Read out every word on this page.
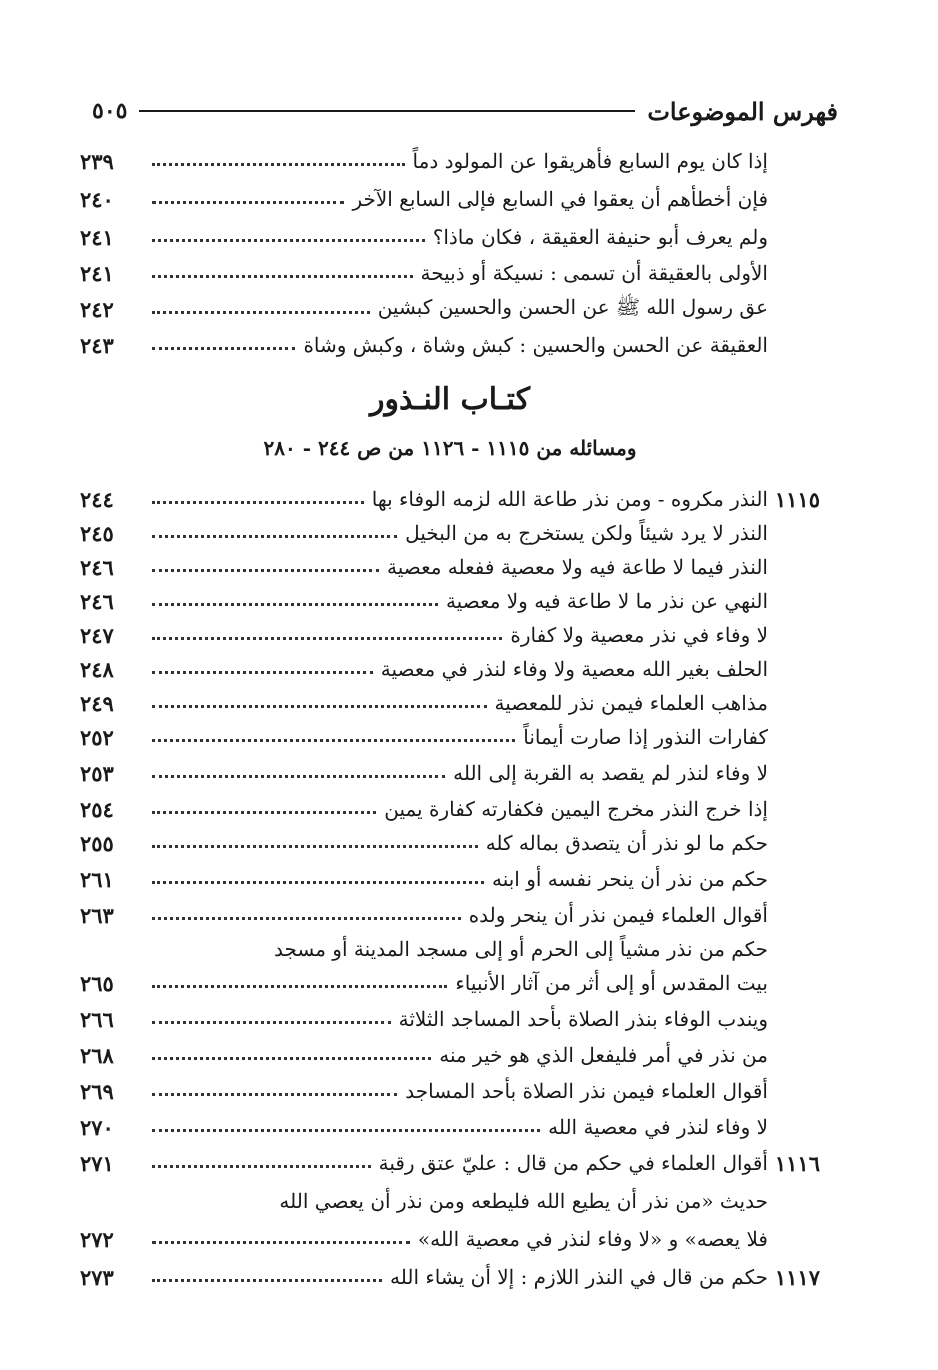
فهرس الموضوعات
٥٠٥
إذا كان يوم السابع فأهريقوا عن المولود دماً
٢٣٩
فإن أخطأهم أن يعقوا في السابع فإلى السابع الآخر
٢٤٠
ولم يعرف أبو حنيفة العقيقة ، فكان ماذا؟
٢٤١
الأولى بالعقيقة أن تسمى : نسيكة أو ذبيحة
٢٤١
عق رسول الله ﷺ عن الحسن والحسين كبشين
٢٤٢
العقيقة عن الحسن والحسين : كبش وشاة ، وكبش وشاة
٢٤٣
كتـاب النـذور
ومسائله من ١١١٥ - ١١٢٦ من ص ٢٤٤ - ٢٨٠
١١١٥
النذر مكروه - ومن نذر طاعة الله لزمه الوفاء بها
٢٤٤
النذر لا يرد شيئاً ولكن يستخرج به من البخيل
٢٤٥
النذر فيما لا طاعة فيه ولا معصية ففعله معصية
٢٤٦
النهي عن نذر ما لا طاعة فيه ولا معصية
٢٤٦
لا وفاء في نذر معصية ولا كفارة
٢٤٧
الحلف بغير الله معصية ولا وفاء لنذر في معصية
٢٤٨
مذاهب العلماء فيمن نذر للمعصية
٢٤٩
كفارات النذور إذا صارت أيماناً
٢٥٢
لا وفاء لنذر لم يقصد به القربة إلى الله
٢٥٣
إذا خرج النذر مخرج اليمين فكفارته كفارة يمين
٢٥٤
حكم ما لو نذر أن يتصدق بماله كله
٢٥٥
حكم من نذر أن ينحر نفسه أو ابنه
٢٦١
أقوال العلماء فيمن نذر أن ينحر ولده
٢٦٣
حكم من نذر مشياً إلى الحرم أو إلى مسجد المدينة أو مسجد
بيت المقدس أو إلى أثر من آثار الأنبياء
٢٦٥
ويندب الوفاء بنذر الصلاة بأحد المساجد الثلاثة
٢٦٦
من نذر في أمر فليفعل الذي هو خير منه
٢٦٨
أقوال العلماء فيمن نذر الصلاة بأحد المساجد
٢٦٩
لا وفاء لنذر في معصية الله
٢٧٠
١١١٦
أقوال العلماء في حكم من قال : عليّ عتق رقبة
٢٧١
حديث «من نذر أن يطيع الله فليطعه ومن نذر أن يعصي الله
فلا يعصه» و «لا وفاء لنذر في معصية الله»
٢٧٢
١١١٧
حكم من قال في النذر اللازم : إلا أن يشاء الله
٢٧٣
